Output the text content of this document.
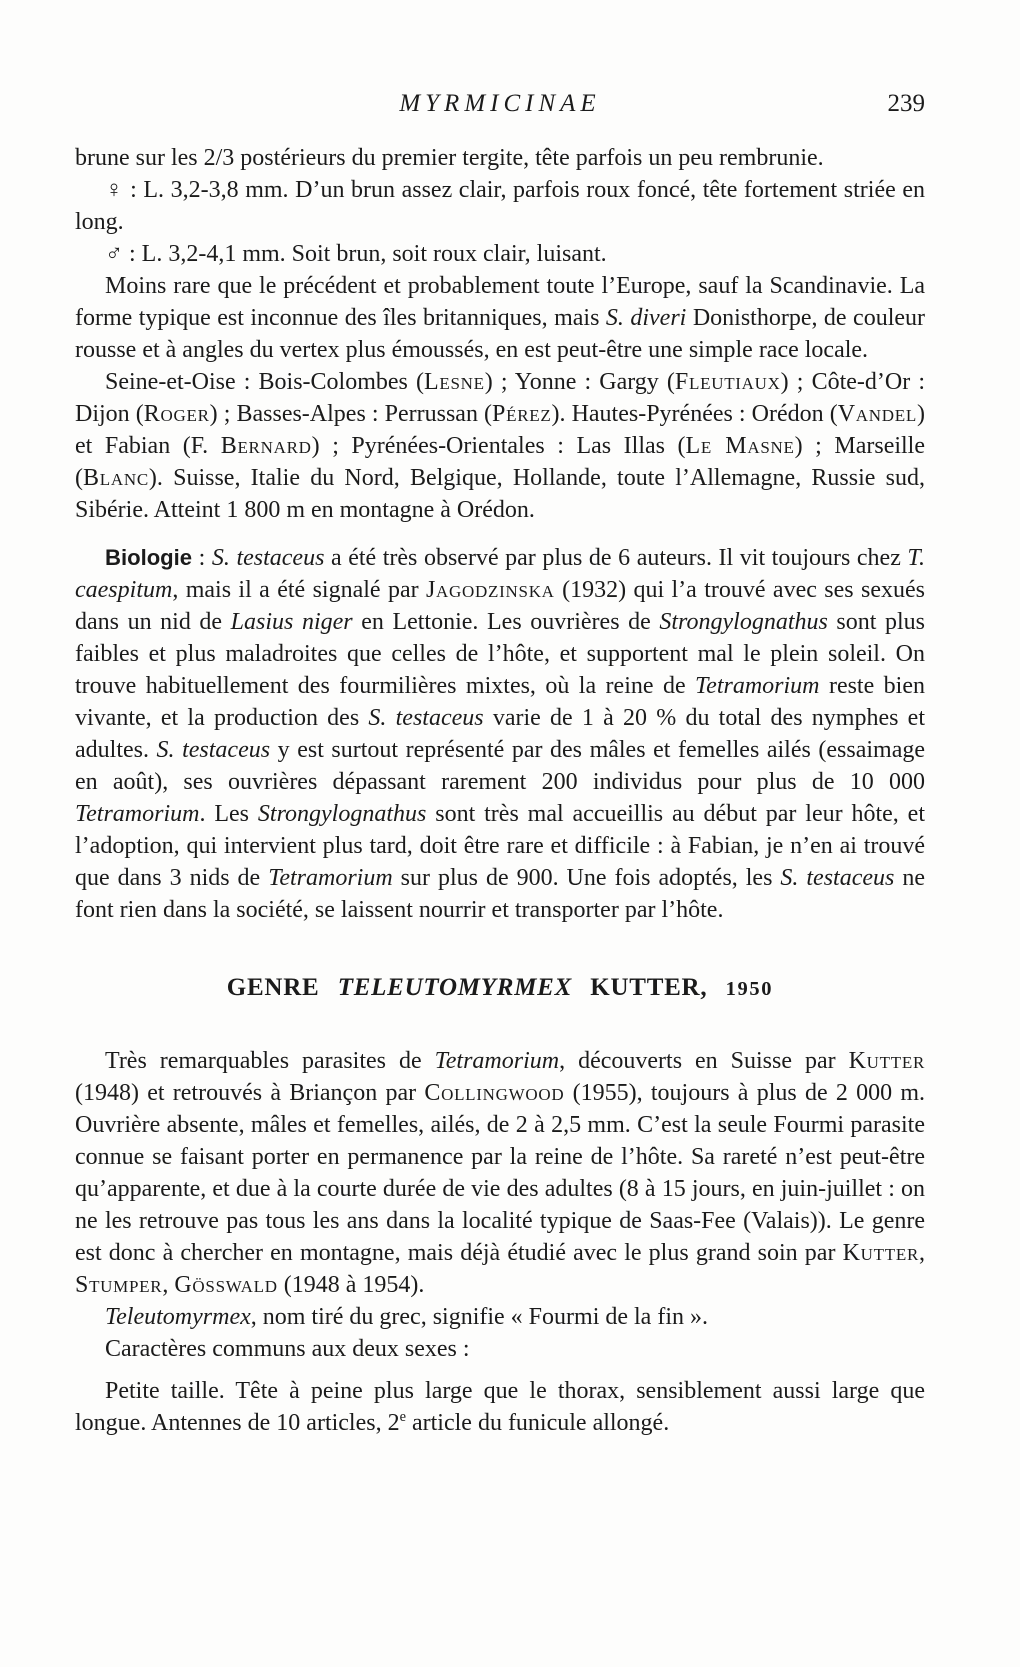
MYRMICINAE	239

brune sur les 2/3 postérieurs du premier tergite, tête parfois un peu rembrunie.

♀ : L. 3,2-3,8 mm. D’un brun assez clair, parfois roux foncé, tête fortement striée en long.

♂ : L. 3,2-4,1 mm. Soit brun, soit roux clair, luisant.

Moins rare que le précédent et probablement toute l’Europe, sauf la Scandinavie. La forme typique est inconnue des îles britanniques, mais S. diveri Donisthorpe, de couleur rousse et à angles du vertex plus émoussés, en est peut-être une simple race locale.

Seine-et-Oise : Bois-Colombes (Lesne) ; Yonne : Gargy (Fleutiaux) ; Côte-d’Or : Dijon (Roger) ; Basses-Alpes : Perrussan (Pérez). Hautes-Pyrénées : Orédon (Vandel) et Fabian (F. Bernard) ; Pyrénées-Orientales : Las Illas (Le Masne) ; Marseille (Blanc). Suisse, Italie du Nord, Belgique, Hollande, toute l’Allemagne, Russie sud, Sibérie. Atteint 1 800 m en montagne à Orédon.

Biologie : S. testaceus a été très observé par plus de 6 auteurs. Il vit toujours chez T. caespitum, mais il a été signalé par Jagodzinska (1932) qui l’a trouvé avec ses sexués dans un nid de Lasius niger en Lettonie. Les ouvrières de Strongylognathus sont plus faibles et plus maladroites que celles de l’hôte, et supportent mal le plein soleil. On trouve habituellement des fourmilières mixtes, où la reine de Tetramorium reste bien vivante, et la production des S. testaceus varie de 1 à 20 % du total des nymphes et adultes. S. testaceus y est surtout représenté par des mâles et femelles ailés (essaimage en août), ses ouvrières dépassant rarement 200 individus pour plus de 10 000 Tetramorium. Les Strongylognathus sont très mal accueillis au début par leur hôte, et l’adoption, qui intervient plus tard, doit être rare et difficile : à Fabian, je n’en ai trouvé que dans 3 nids de Tetramorium sur plus de 900. Une fois adoptés, les S. testaceus ne font rien dans la société, se laissent nourrir et transporter par l’hôte.

GENRE TELEUTOMYRMEX KUTTER, 1950

Très remarquables parasites de Tetramorium, découverts en Suisse par Kutter (1948) et retrouvés à Briançon par Collingwood (1955), toujours à plus de 2 000 m. Ouvrière absente, mâles et femelles, ailés, de 2 à 2,5 mm. C’est la seule Fourmi parasite connue se faisant porter en permanence par la reine de l’hôte. Sa rareté n’est peut-être qu’apparente, et due à la courte durée de vie des adultes (8 à 15 jours, en juin-juillet : on ne les retrouve pas tous les ans dans la localité typique de Saas-Fee (Valais)). Le genre est donc à chercher en montagne, mais déjà étudié avec le plus grand soin par Kutter, Stumper, Gösswald (1948 à 1954).

Teleutomyrmex, nom tiré du grec, signifie « Fourmi de la fin ».

Caractères communs aux deux sexes :

Petite taille. Tête à peine plus large que le thorax, sensiblement aussi large que longue. Antennes de 10 articles, 2e article du funicule allongé.
